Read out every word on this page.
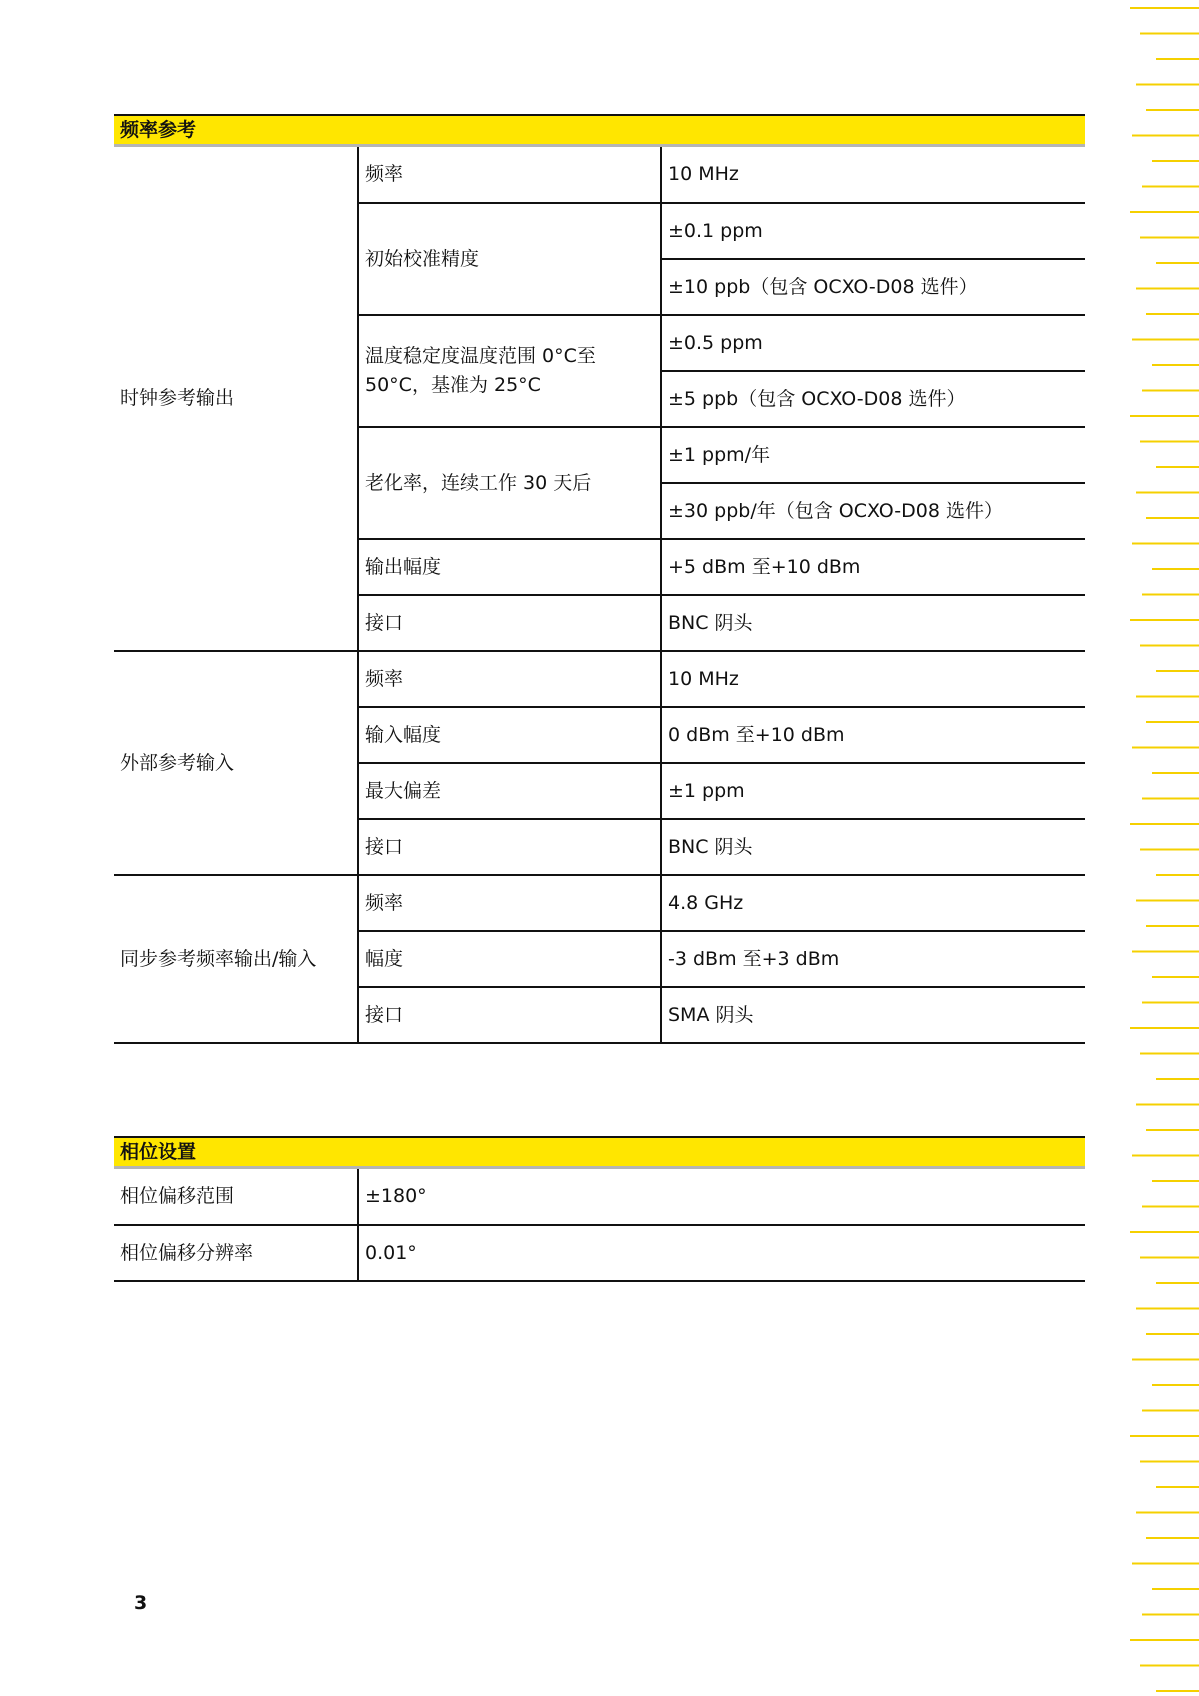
频率参考
时钟参考输出	频率	10 MHz
	初始校准精度	±0.1 ppm
		±10 ppb（包含 OCXO-D08 选件）
	温度稳定度温度范围 0°C至 50°C，基准为 25°C	±0.5 ppm
		±5 ppb（包含 OCXO-D08 选件）
	老化率，连续工作 30 天后	±1 ppm/年
		±30 ppb/年（包含 OCXO-D08 选件）
	输出幅度	+5 dBm 至+10 dBm
	接口	BNC 阴头
外部参考输入	频率	10 MHz
	输入幅度	0 dBm 至+10 dBm
	最大偏差	±1 ppm
	接口	BNC 阴头
同步参考频率输出/输入	频率	4.8 GHz
	幅度	-3 dBm 至+3 dBm
	接口	SMA 阴头
相位设置
相位偏移范围	±180°
相位偏移分辨率	0.01°
3
